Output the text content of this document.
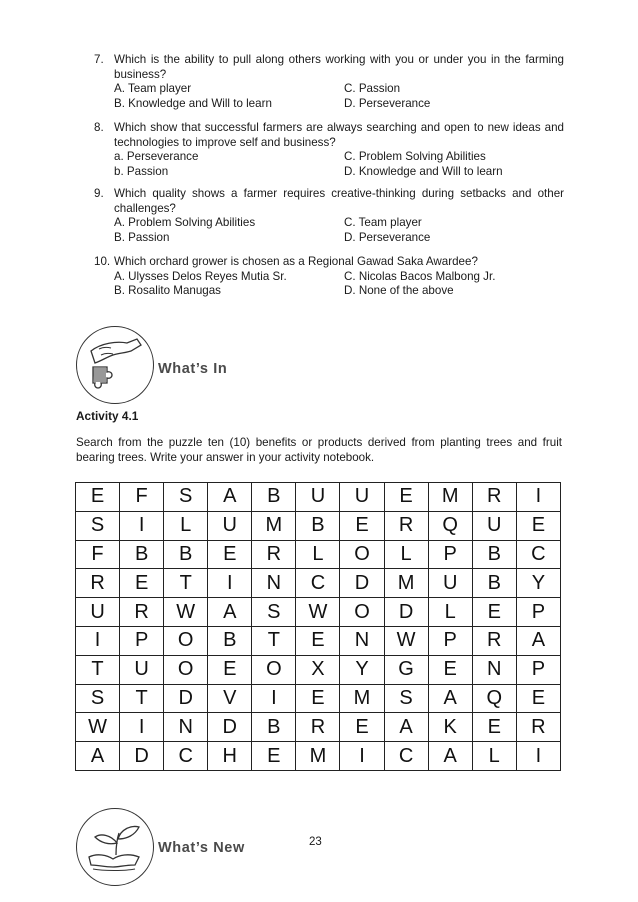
7. Which is the ability to pull along others working with you or under you in the farming business?
A. Team player	C. Passion
B. Knowledge and Will to learn	D. Perseverance
8. Which show that successful farmers are always searching and open to new ideas and technologies to improve self and business?
a. Perseverance	C. Problem Solving Abilities
b. Passion	D. Knowledge and Will to learn
9. Which quality shows a farmer requires creative-thinking during setbacks and other challenges?
A. Problem Solving Abilities	C. Team player
B. Passion	D. Perseverance
10. Which orchard grower is chosen as a Regional Gawad Saka Awardee?
A. Ulysses Delos Reyes Mutia Sr.	C. Nicolas Bacos Malbong Jr.
B. Rosalito Manugas	D. None of the above
What’s In
Activity 4.1
Search from the puzzle ten (10) benefits or products derived from planting trees and fruit bearing trees. Write your answer in your activity notebook.
E	F	S	A	B	U	U	E	M	R	I
S	I	L	U	M	B	E	R	Q	U	E
F	B	B	E	R	L	O	L	P	B	C
R	E	T	I	N	C	D	M	U	B	Y
U	R	W	A	S	W	O	D	L	E	P
I	P	O	B	T	E	N	W	P	R	A
T	U	O	E	O	X	Y	G	E	N	P
S	T	D	V	I	E	M	S	A	Q	E
W	I	N	D	B	R	E	A	K	E	R
A	D	C	H	E	M	I	C	A	L	I
What’s New	23
